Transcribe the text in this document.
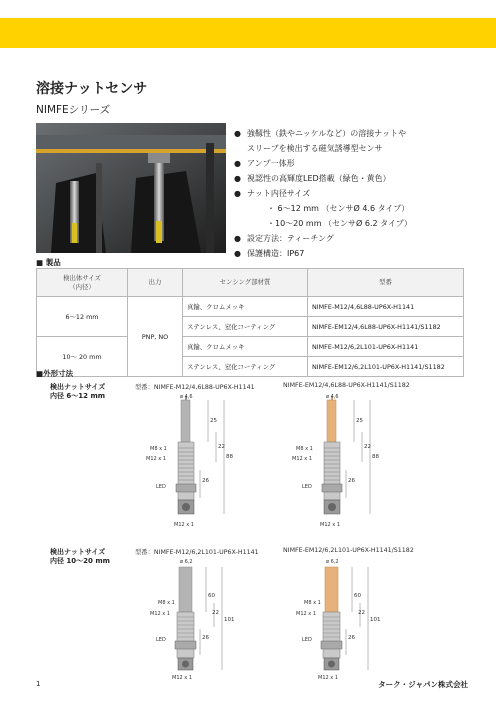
溶接ナットセンサ
NIMFEシリーズ
● 強靱性（鉄やニッケルなど）の溶接ナットや
スリーブを検出する磁気誘導型センサ
● アンプ一体形
● 視認性の高輝度LED搭載（緑色・黄色）
● ナット内径サイズ
・ 6～12 mm （センサØ 4.6 タイプ）
・10～20 mm （センサØ 6.2 タイプ）
● 設定方法：ティーチング
● 保護構造：IP67
■ 製品
検出体サイズ
（内径）	出力	センシング部材質	型番
6～12 mm	PNP, NO	真鍮、クロムメッキ	NIMFE-M12/4,6L88-UP6X-H1141
		ステンレス、窒化コーティング	NIMFE-EM12/4,6L88-UP6X-H1141/S1182
10～ 20 mm		真鍮、クロムメッキ	NIMFE-M12/6,2L101-UP6X-H1141
		ステンレス、窒化コーティング	NIMFE-EM12/6,2L101-UP6X-H1141/S1182
■外形寸法
検出ナットサイズ
内径 6～12 mm
型番：NIMFE-M12/4,6L88-UP6X-H1141	NIMFE-EM12/4,6L88-UP6X-H1141/S1182
検出ナットサイズ
内径 10～20 mm
型番：NIMFE-M12/6,2L101-UP6X-H1141	NIMFE-EM12/6,2L101-UP6X-H1141/S1182
ø 4,6
25
22
88
26
M8 x 1
M12 x 1
LED
M12 x 1
ø 4,6
25
22
88
26
M8 x 1
M12 x 1
LED
M12 x 1
ø 6,2
60
22
101
26
M8 x 1
M12 x 1
LED
M12 x 1
ø 6,2
60
22
101
26
M8 x 1
M12 x 1
LED
M12 x 1
1	ターク・ジャパン株式会社
